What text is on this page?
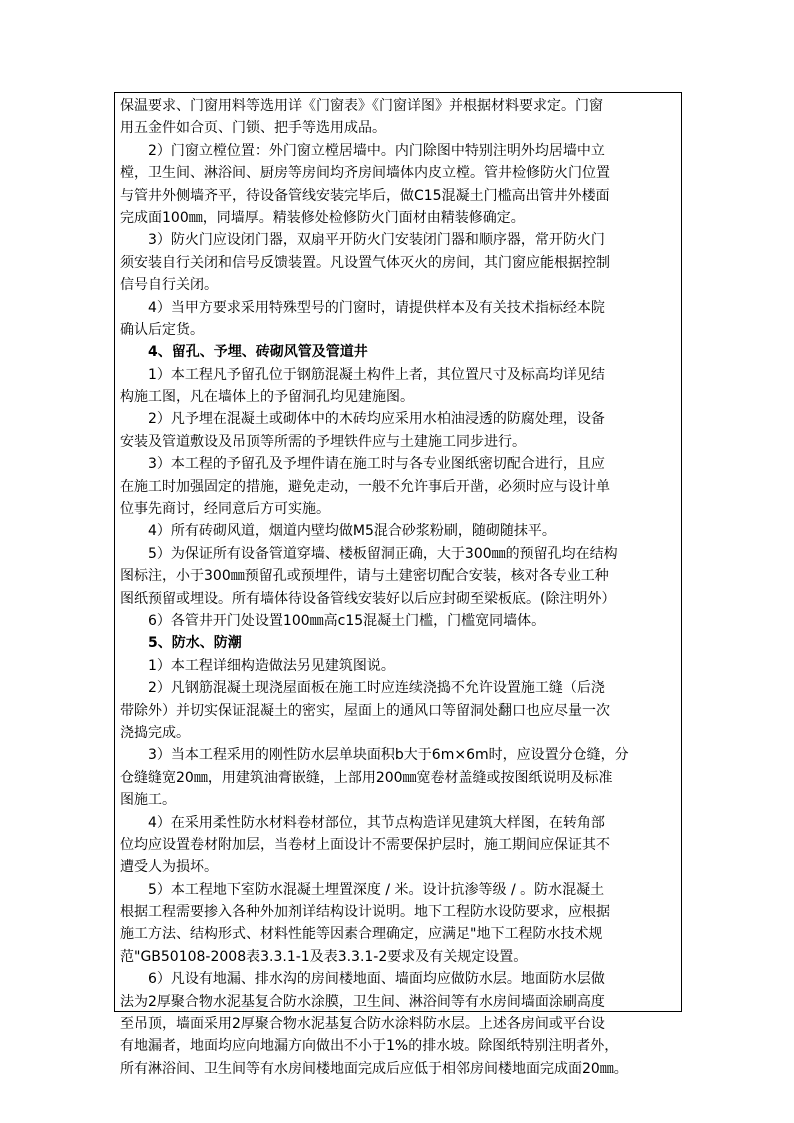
保温要求、门窗用料等选用详《门窗表》《门窗详图》并根据材料要求定。门窗
用五金件如合页、门锁、把手等选用成品。
2）门窗立樘位置：外门窗立樘居墙中。内门除图中特别注明外均居墙中立
樘，卫生间、淋浴间、厨房等房间均齐房间墙体内皮立樘。管井检修防火门位置
与管井外侧墙齐平，待设备管线安装完毕后，做C15混凝土门槛高出管井外楼面
完成面100㎜，同墙厚。精装修处检修防火门面材由精装修确定。
3）防火门应设闭门器，双扇平开防火门安装闭门器和顺序器，常开防火门
须安装自行关闭和信号反馈装置。凡设置气体灭火的房间，其门窗应能根据控制
信号自行关闭。
4）当甲方要求采用特殊型号的门窗时，请提供样本及有关技术指标经本院
确认后定货。
4、留孔、予埋、砖砌风管及管道井
1）本工程凡予留孔位于钢筋混凝土构件上者，其位置尺寸及标高均详见结
构施工图，凡在墙体上的予留洞孔均见建施图。
2）凡予埋在混凝土或砌体中的木砖均应采用水柏油浸透的防腐处理，设备
安装及管道敷设及吊顶等所需的予埋铁件应与土建施工同步进行。
3）本工程的予留孔及予埋件请在施工时与各专业图纸密切配合进行，且应
在施工时加强固定的措施，避免走动，一般不允许事后开凿，必须时应与设计单
位事先商讨，经同意后方可实施。
4）所有砖砌风道，烟道内壁均做M5混合砂浆粉刷，随砌随抹平。
5）为保证所有设备管道穿墙、楼板留洞正确，大于300㎜的预留孔均在结构
图标注，小于300㎜预留孔或预埋件，请与土建密切配合安装，核对各专业工种
图纸预留或埋设。所有墙体待设备管线安装好以后应封砌至梁板底。(除注明外）
6）各管井开门处设置100㎜高c15混凝土门槛，门槛宽同墙体。
5、防水、防潮
1）本工程详细构造做法另见建筑图说。
2）凡钢筋混凝土现浇屋面板在施工时应连续浇捣不允许设置施工缝（后浇
带除外）并切实保证混凝土的密实，屋面上的通风口等留洞处翻口也应尽量一次
浇捣完成。
3）当本工程采用的刚性防水层单块面积b大于6m×6m时，应设置分仓缝，分
仓缝缝宽20㎜，用建筑油膏嵌缝，上部用200㎜宽卷材盖缝或按图纸说明及标准
图施工。
4）在采用柔性防水材料卷材部位，其节点构造详见建筑大样图，在转角部
位均应设置卷材附加层，当卷材上面设计不需要保护层时，施工期间应保证其不
遭受人为损坏。
5）本工程地下室防水混凝土埋置深度 / 米。设计抗渗等级 / 。防水混凝土
根据工程需要掺入各种外加剂详结构设计说明。地下工程防水设防要求，应根据
施工方法、结构形式、材料性能等因素合理确定，应满足"地下工程防水技术规
范"GB50108-2008表3.3.1-1及表3.3.1-2要求及有关规定设置。
6）凡设有地漏、排水沟的房间楼地面、墙面均应做防水层。地面防水层做
法为2厚聚合物水泥基复合防水涂膜，卫生间、淋浴间等有水房间墙面涂刷高度
至吊顶，墙面采用2厚聚合物水泥基复合防水涂料防水层。上述各房间或平台设
有地漏者，地面均应向地漏方向做出不小于1%的排水坡。除图纸特别注明者外，
所有淋浴间、卫生间等有水房间楼地面完成后应低于相邻房间楼地面完成面20㎜。
